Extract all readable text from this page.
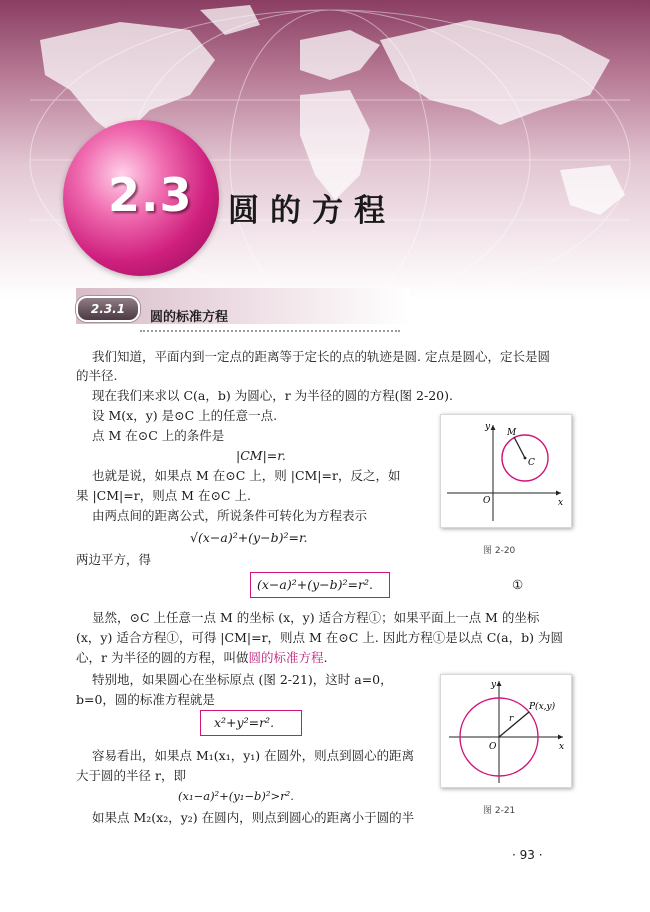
2.3 圆的方程
2.3.1
圆的标准方程
我们知道，平面内到一定点的距离等于定长的点的轨迹是圆. 定点是圆心，定长是圆
的半径.
现在我们来求以 C(a，b) 为圆心，r 为半径的圆的方程(图 2-20).
设 M(x，y) 是⊙C 上的任意一点.
点 M 在⊙C 上的条件是
|CM|=r.
也就是说，如果点 M 在⊙C 上，则 |CM|=r，反之，如
果 |CM|=r，则点 M 在⊙C 上.
由两点间的距离公式，所说条件可转化为方程表示
√(x−a)²+(y−b)²=r.
两边平方，得
(x−a)²+(y−b)²=r².	①
显然，⊙C 上任意一点 M 的坐标 (x，y) 适合方程①；如果平面上一点 M 的坐标
(x，y) 适合方程①，可得 |CM|=r，则点 M 在⊙C 上. 因此方程①是以点 C(a，b) 为圆
心，r 为半径的圆的方程，叫做圆的标准方程.
特别地，如果圆心在坐标原点 (图 2-21)，这时 a=0，
b=0，圆的标准方程就是
x²+y²=r².
容易看出，如果点 M₁(x₁，y₁) 在圆外，则点到圆心的距离
大于圆的半径 r，即
(x₁−a)²+(y₁−b)²>r².
如果点 M₂(x₂，y₂) 在圆内，则点到圆心的距离小于圆的半
y
x
O
M
C
图 2-20
y
x
O
P(x,y)
r
图 2-21
· 93 ·
